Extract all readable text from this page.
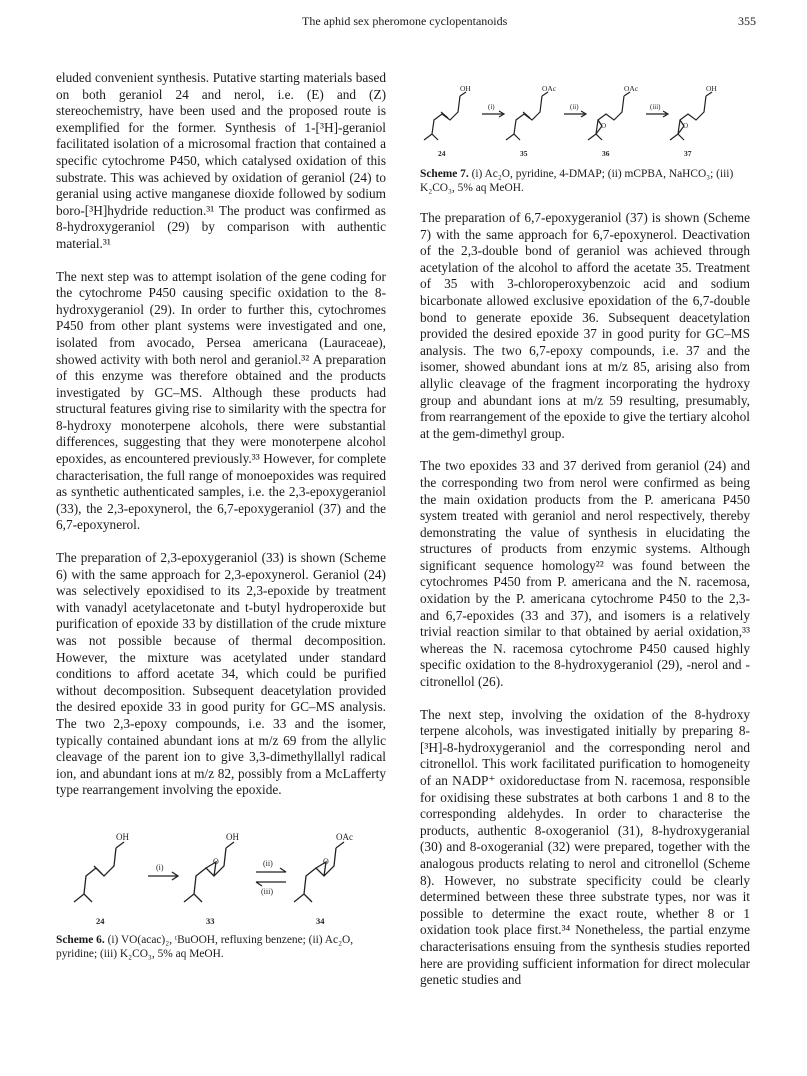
The aphid sex pheromone cyclopentanoids	355

eluded convenient synthesis. Putative starting materials based on both geraniol 24 and nerol, i.e. (E) and (Z) stereochemistry, have been used and the proposed route is exemplified for the former. Synthesis of 1-[³H]-geraniol facilitated isolation of a microsomal fraction that contained a specific cytochrome P450, which catalysed oxidation of this substrate. This was achieved by oxidation of geraniol (24) to geranial using active manganese dioxide followed by sodium boro-[³H]hydride reduction.³¹ The product was confirmed as 8-hydroxygeraniol (29) by comparison with authentic material.³¹

The next step was to attempt isolation of the gene coding for the cytochrome P450 causing specific oxidation to the 8-hydroxygeraniol (29). In order to further this, cytochromes P450 from other plant systems were investigated and one, isolated from avocado, Persea americana (Lauraceae), showed activity with both nerol and geraniol.³² A preparation of this enzyme was therefore obtained and the products investigated by GC–MS. Although these products had structural features giving rise to similarity with the spectra for 8-hydroxy monoterpene alcohols, there were substantial differences, suggesting that they were monoterpene alcohol epoxides, as encountered previously.³³ However, for complete characterisation, the full range of monoepoxides was required as synthetic authenticated samples, i.e. the 2,3-epoxygeraniol (33), the 2,3-epoxynerol, the 6,7-epoxygeraniol (37) and the 6,7-epoxynerol.

The preparation of 2,3-epoxygeraniol (33) is shown (Scheme 6) with the same approach for 2,3-epoxynerol. Geraniol (24) was selectively epoxidised to its 2,3-epoxide by treatment with vanadyl acetylacetonate and t-butyl hydroperoxide but purification of epoxide 33 by distillation of the crude mixture was not possible because of thermal decomposition. However, the mixture was acetylated under standard conditions to afford acetate 34, which could be purified without decomposition. Subsequent deacetylation provided the desired epoxide 33 in good purity for GC–MS analysis. The two 2,3-epoxy compounds, i.e. 33 and the isomer, typically contained abundant ions at m/z 69 from the allylic cleavage of the parent ion to give 3,3-dimethyllallyl radical ion, and abundant ions at m/z 82, possibly from a McLafferty type rearrangement involving the epoxide.

OH
(i)
OH
O	(ii)
(iii)
OAc
O
24	33	34
Scheme 6. (i) VO(acac)₂, ᵗBuOOH, refluxing benzene; (ii) Ac₂O, pyridine; (iii) K₂CO₃, 5% aq MeOH.
OH
(i)
OAc
(ii)
OAc
O
(iii)
OH
O
24	35	36	37
Scheme 7. (i) Ac₂O, pyridine, 4-DMAP; (ii) mCPBA, NaHCO₃; (iii) K₂CO₃, 5% aq MeOH.

The preparation of 6,7-epoxygeraniol (37) is shown (Scheme 7) with the same approach for 6,7-epoxynerol. Deactivation of the 2,3-double bond of geraniol was achieved through acetylation of the alcohol to afford the acetate 35. Treatment of 35 with 3-chloroperoxybenzoic acid and sodium bicarbonate allowed exclusive epoxidation of the 6,7-double bond to generate epoxide 36. Subsequent deacetylation provided the desired epoxide 37 in good purity for GC–MS analysis. The two 6,7-epoxy compounds, i.e. 37 and the isomer, showed abundant ions at m/z 85, arising also from allylic cleavage of the fragment incorporating the hydroxy group and abundant ions at m/z 59 resulting, presumably, from rearrangement of the epoxide to give the tertiary alcohol at the gem-dimethyl group.

The two epoxides 33 and 37 derived from geraniol (24) and the corresponding two from nerol were confirmed as being the main oxidation products from the P. americana P450 system treated with geraniol and nerol respectively, thereby demonstrating the value of synthesis in elucidating the structures of products from enzymic systems. Although significant sequence homology²² was found between the cytochromes P450 from P. americana and the N. racemosa, oxidation by the P. americana cytochrome P450 to the 2,3- and 6,7-epoxides (33 and 37), and isomers is a relatively trivial reaction similar to that obtained by aerial oxidation,³³ whereas the N. racemosa cytochrome P450 caused highly specific oxidation to the 8-hydroxygeraniol (29), -nerol and -citronellol (26).

The next step, involving the oxidation of the 8-hydroxy terpene alcohols, was investigated initially by preparing 8-[³H]-8-hydroxygeraniol and the corresponding nerol and citronellol. This work facilitated purification to homogeneity of an NADP⁺ oxidoreductase from N. racemosa, responsible for oxidising these substrates at both carbons 1 and 8 to the corresponding aldehydes. In order to characterise the products, authentic 8-oxogeraniol (31), 8-hydroxygeranial (30) and 8-oxogeranial (32) were prepared, together with the analogous products relating to nerol and citronellol (Scheme 8). However, no substrate specificity could be clearly determined between these three substrate types, nor was it possible to determine the exact route, whether 8 or 1 oxidation took place first.³⁴ Nonetheless, the partial enzyme characterisations ensuing from the synthesis studies reported here are providing sufficient information for direct molecular genetic studies and
